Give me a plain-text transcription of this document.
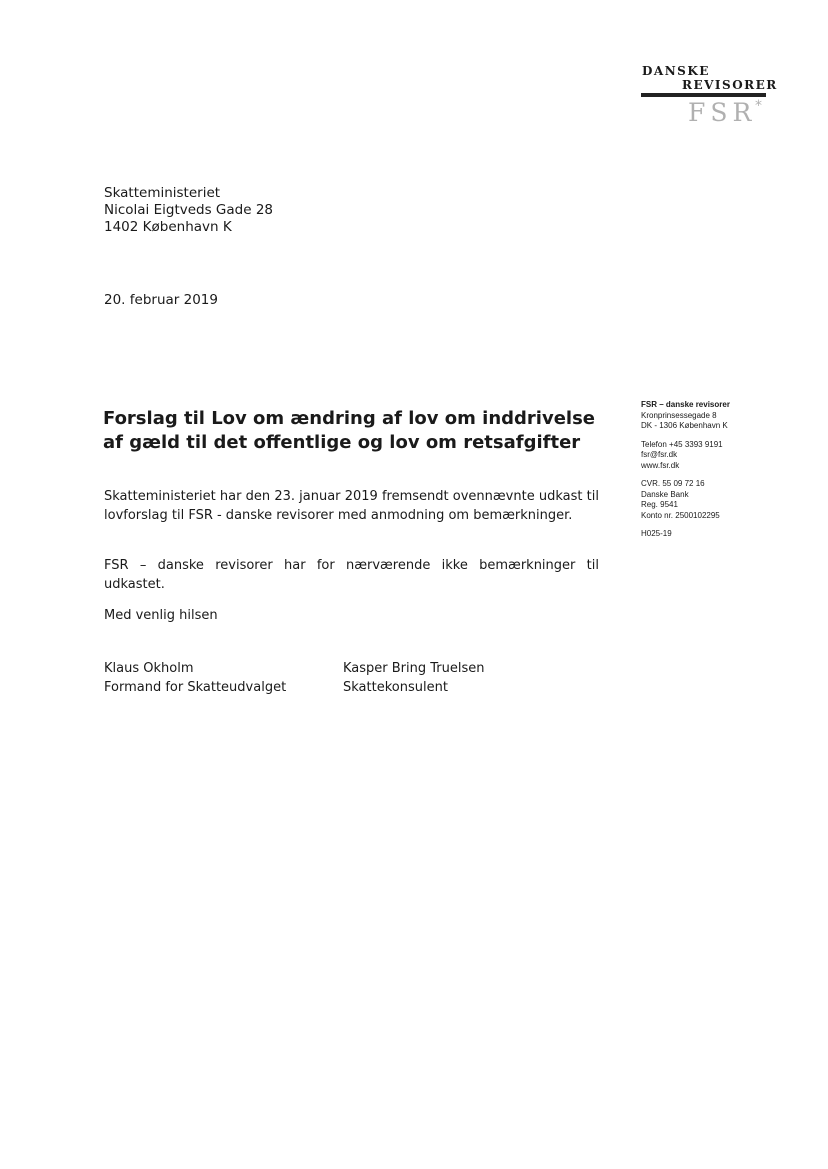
DANSKE
REVISORER
FSR
*
Skatteministeriet
Nicolai Eigtveds Gade 28
1402 København K
20. februar 2019
Forslag til Lov om ændring af lov om inddrivelse af gæld til det offentlige og lov om retsafgifter
Skatteministeriet har den 23. januar 2019 fremsendt ovennævnte udkast til lovforslag til FSR - danske revisorer med anmodning om bemærkninger.
FSR – danske revisorer har for nærværende ikke bemærkninger til udkastet.
Med venlig hilsen
Klaus Okholm
Formand for Skatteudvalget
Kasper Bring Truelsen
Skattekonsulent
FSR – danske revisorer
Kronprinsessegade 8
DK - 1306 København K
Telefon +45 3393 9191
fsr@fsr.dk
www.fsr.dk
CVR. 55 09 72 16
Danske Bank
Reg. 9541
Konto nr. 2500102295
H025-19
